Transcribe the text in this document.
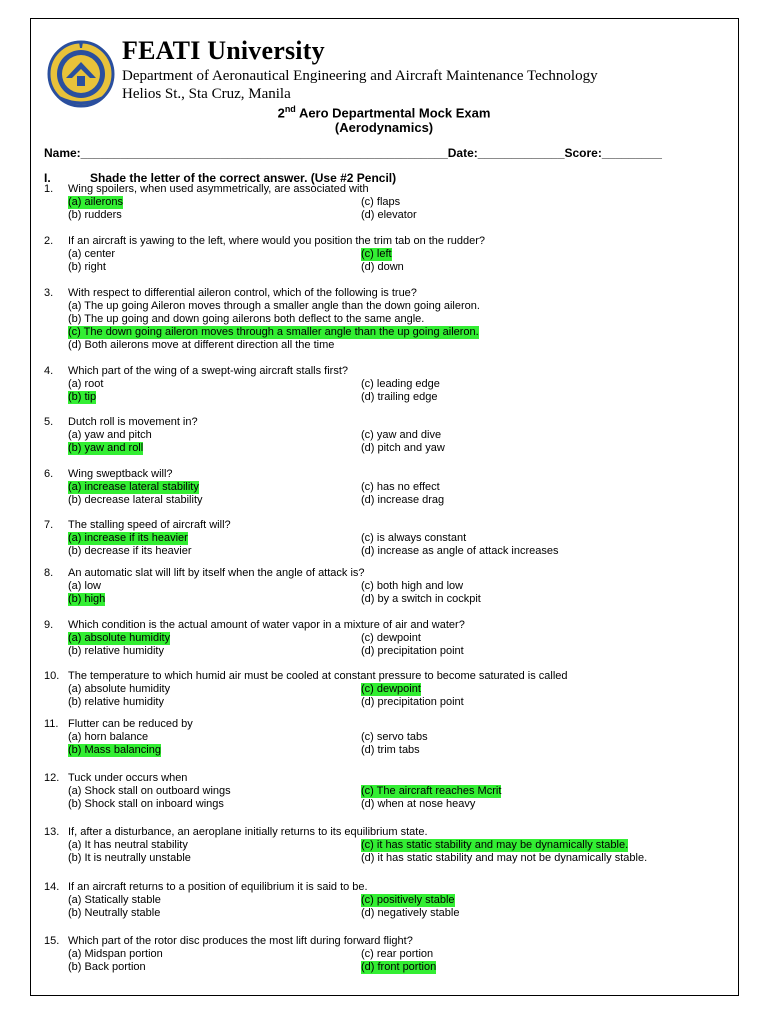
FEATI University
Department of Aeronautical Engineering and Aircraft Maintenance Technology
Helios St., Sta Cruz, Manila
2nd Aero Departmental Mock Exam
(Aerodynamics)
Name:_______________________________________________________Date:_____________Score:_________
I.	Shade the letter of the correct answer. (Use #2 Pencil)
1. Wing spoilers, when used asymmetrically, are associated with
(a) ailerons
(b) rudders
(c) flaps
(d) elevator
2. If an aircraft is yawing to the left, where would you position the trim tab on the rudder?
(a) center
(b) right
(c) left
(d) down
3. With respect to differential aileron control, which of the following is true?
(a) The up going Aileron moves through a smaller angle than the down going aileron.
(b) The up going and down going ailerons both deflect to the same angle.
(c) The down going aileron moves through a smaller angle than the up going aileron.
(d) Both ailerons move at different direction all the time
4. Which part of the wing of a swept-wing aircraft stalls first?
(a) root
(b) tip
(c) leading edge
(d) trailing edge
5. Dutch roll is movement in?
(a) yaw and pitch
(b) yaw and roll
(c) yaw and dive
(d) pitch and yaw
6. Wing sweptback will?
(a) increase lateral stability
(b) decrease lateral stability
(c) has no effect
(d) increase drag
7. The stalling speed of aircraft will?
(a) increase if its heavier
(b) decrease if its heavier
(c) is always constant
(d) increase as angle of attack increases
8. An automatic slat will lift by itself when the angle of attack is?
(a) low
(b) high
(c) both high and low
(d) by a switch in cockpit
9. Which condition is the actual amount of water vapor in a mixture of air and water?
(a) absolute humidity
(b) relative humidity
(c) dewpoint
(d) precipitation point
10. The temperature to which humid air must be cooled at constant pressure to become saturated is called
(a) absolute humidity
(b) relative humidity
(c) dewpoint
(d) precipitation point
11. Flutter can be reduced by
(a) horn balance
(b) Mass balancing
(c) servo tabs
(d) trim tabs
12. Tuck under occurs when
(a) Shock stall on outboard wings
(b) Shock stall on inboard wings
(c) The aircraft reaches Mcrit
(d) when at nose heavy
13. If, after a disturbance, an aeroplane initially returns to its equilibrium state.
(a) It has neutral stability
(b) It is neutrally unstable
(c) it has static stability and may be dynamically stable.
(d) it has static stability and may not be dynamically stable.
14. If an aircraft returns to a position of equilibrium it is said to be.
(a) Statically stable
(b) Neutrally stable
(c) positively stable
(d) negatively stable
15. Which part of the rotor disc produces the most lift during forward flight?
(a) Midspan portion
(b) Back portion
(c) rear portion
(d) front portion
